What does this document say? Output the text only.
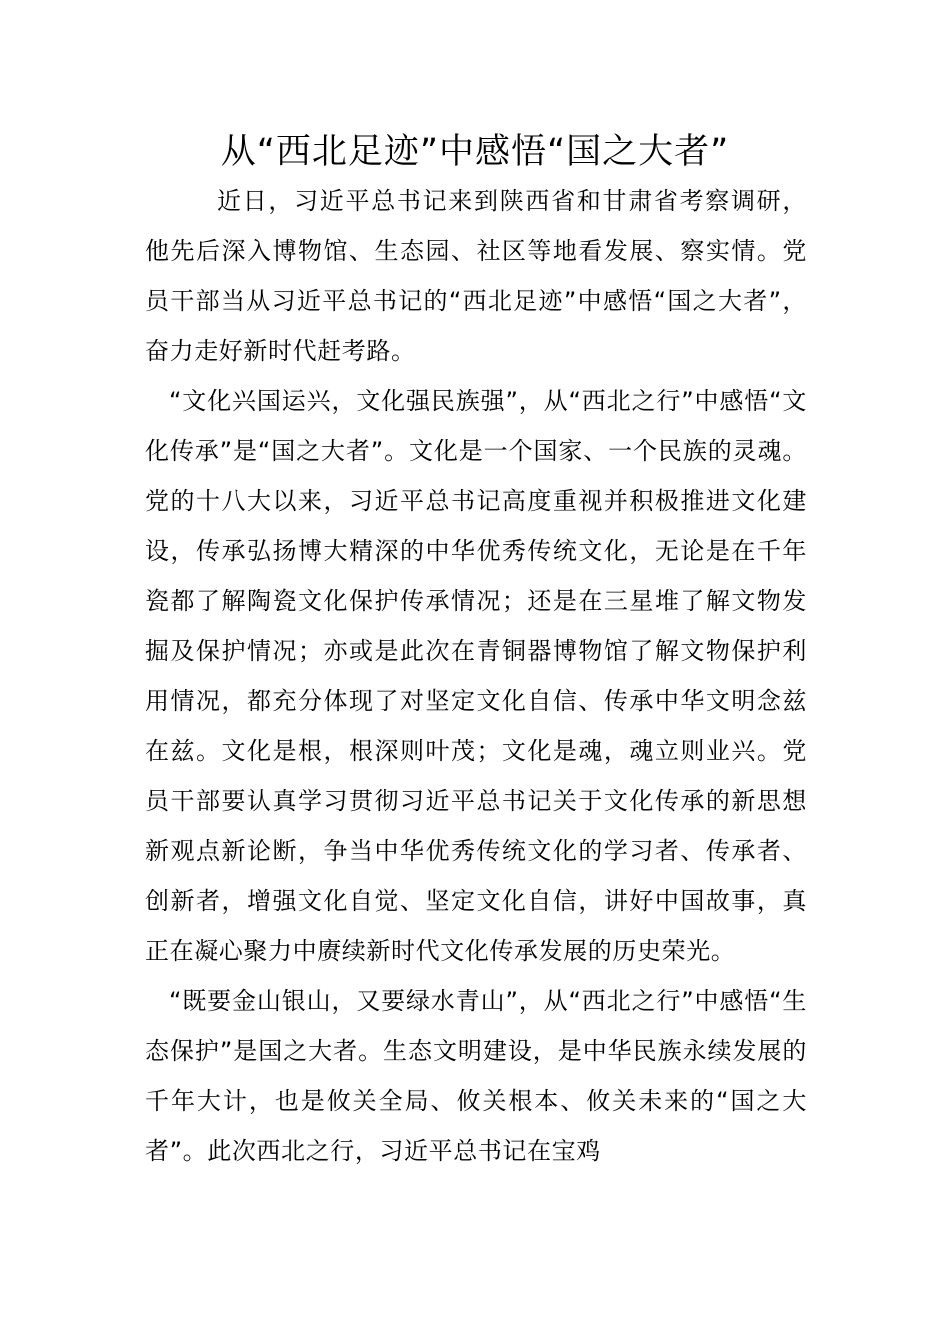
从“西北足迹”中感悟“国之大者”

近日，习近平总书记来到陕西省和甘肃省考察调研，他先后深入博物馆、生态园、社区等地看发展、察实情。党员干部当从习近平总书记的“西北足迹”中感悟“国之大者”，奋力走好新时代赶考路。

“文化兴国运兴，文化强民族强”，从“西北之行”中感悟“文化传承”是“国之大者”。文化是一个国家、一个民族的灵魂。党的十八大以来，习近平总书记高度重视并积极推进文化建设，传承弘扬博大精深的中华优秀传统文化，无论是在千年瓷都了解陶瓷文化保护传承情况；还是在三星堆了解文物发掘及保护情况；亦或是此次在青铜器博物馆了解文物保护利用情况，都充分体现了对坚定文化自信、传承中华文明念兹在兹。文化是根，根深则叶茂；文化是魂，魂立则业兴。党员干部要认真学习贯彻习近平总书记关于文化传承的新思想新观点新论断，争当中华优秀传统文化的学习者、传承者、创新者，增强文化自觉、坚定文化自信，讲好中国故事，真正在凝心聚力中赓续新时代文化传承发展的历史荣光。

“既要金山银山，又要绿水青山”，从“西北之行”中感悟“生态保护”是国之大者。生态文明建设，是中华民族永续发展的千年大计，也是攸关全局、攸关根本、攸关未来的“国之大者”。此次西北之行，习近平总书记在宝鸡
